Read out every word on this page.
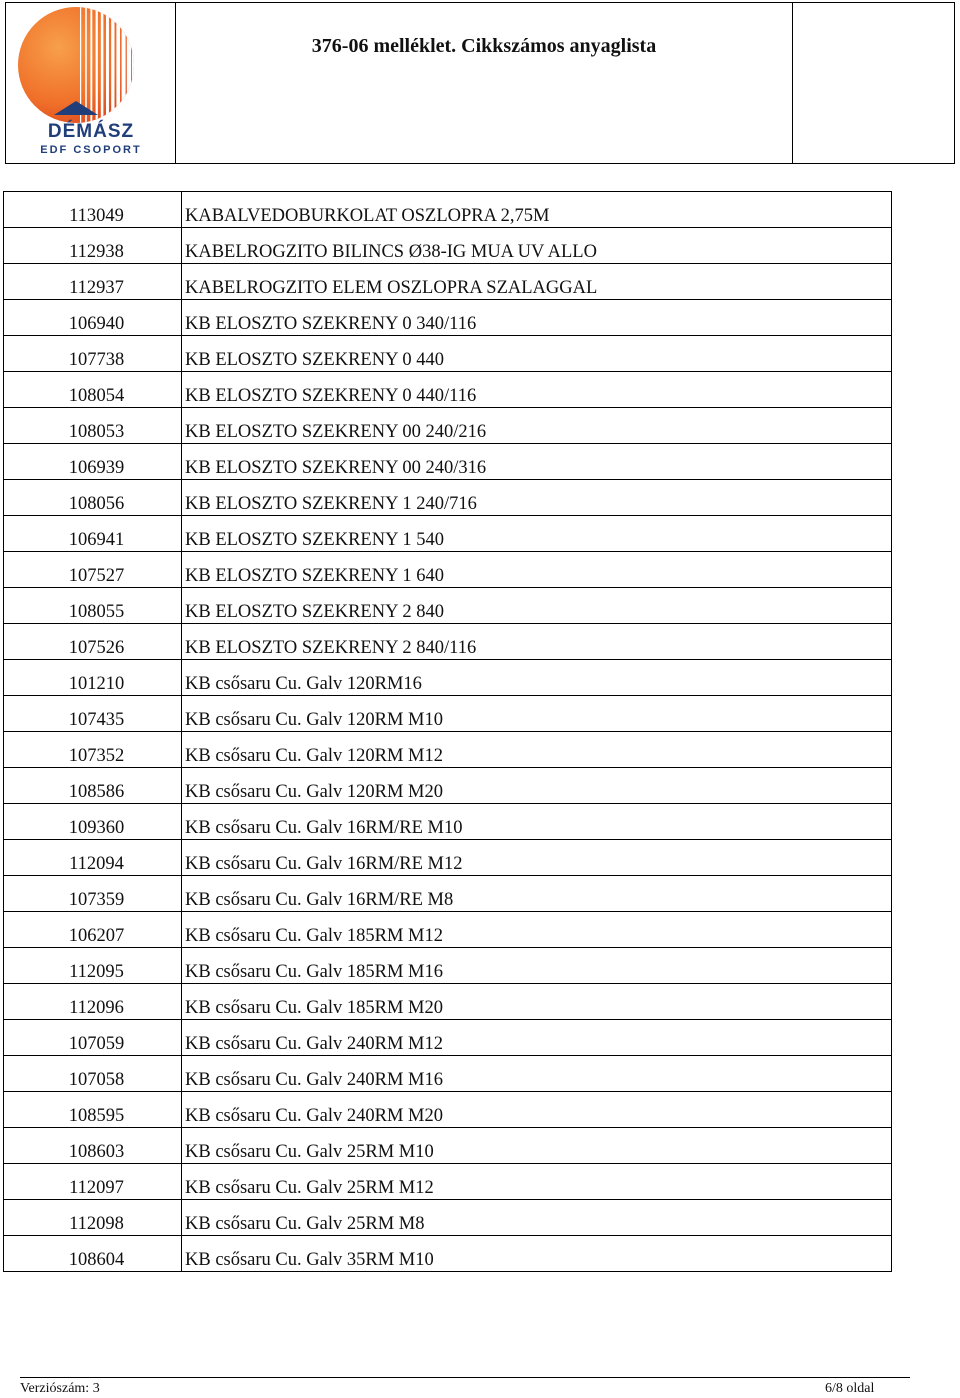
DÉMÁSZ
EDF CSOPORT
376-06 melléklet. Cikkszámos anyaglista
113049	KABALVEDOBURKOLAT OSZLOPRA 2,75M
112938	KABELROGZITO BILINCS Ø38-IG MUA UV ALLO
112937	KABELROGZITO ELEM OSZLOPRA SZALAGGAL
106940	KB ELOSZTO SZEKRENY 0 340/116
107738	KB ELOSZTO SZEKRENY 0 440
108054	KB ELOSZTO SZEKRENY 0 440/116
108053	KB ELOSZTO SZEKRENY 00 240/216
106939	KB ELOSZTO SZEKRENY 00 240/316
108056	KB ELOSZTO SZEKRENY 1 240/716
106941	KB ELOSZTO SZEKRENY 1 540
107527	KB ELOSZTO SZEKRENY 1 640
108055	KB ELOSZTO SZEKRENY 2 840
107526	KB ELOSZTO SZEKRENY 2 840/116
101210	KB csősaru Cu. Galv 120RM16
107435	KB csősaru Cu. Galv 120RM M10
107352	KB csősaru Cu. Galv 120RM M12
108586	KB csősaru Cu. Galv 120RM M20
109360	KB csősaru Cu. Galv 16RM/RE M10
112094	KB csősaru Cu. Galv 16RM/RE M12
107359	KB csősaru Cu. Galv 16RM/RE M8
106207	KB csősaru Cu. Galv 185RM M12
112095	KB csősaru Cu. Galv 185RM M16
112096	KB csősaru Cu. Galv 185RM M20
107059	KB csősaru Cu. Galv 240RM M12
107058	KB csősaru Cu. Galv 240RM M16
108595	KB csősaru Cu. Galv 240RM M20
108603	KB csősaru Cu. Galv 25RM M10
112097	KB csősaru Cu. Galv 25RM M12
112098	KB csősaru Cu. Galv 25RM M8
108604	KB csősaru Cu. Galv 35RM M10
Verziószám: 3	6/8 oldal
